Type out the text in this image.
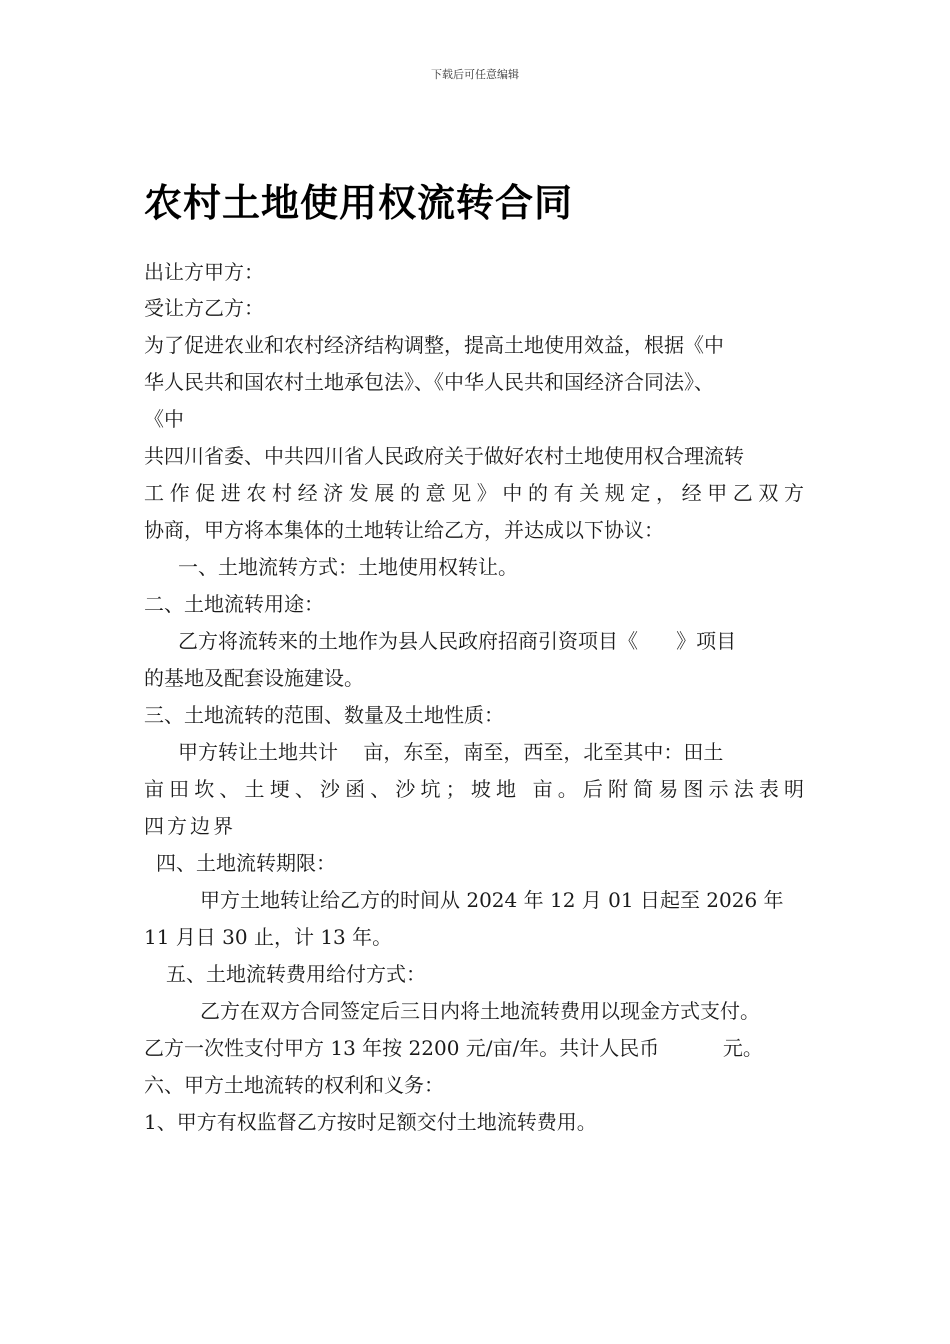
下载后可任意编辑
农村土地使用权流转合同
出让方甲方：
受让方乙方：
为了促进农业和农村经济结构调整，提高土地使用效益，根据《中
华人民共和国农村土地承包法》、《中华人民共和国经济合同法》、
《中
共四川省委、中共四川省人民政府关于做好农村土地使用权合理流转
工作促进农村经济发展的意见》中的有关规定，经甲乙双方
协商，甲方将本集体的土地转让给乙方，并达成以下协议：
一、土地流转方式：土地使用权转让。
二、土地流转用途：
乙方将流转来的土地作为县人民政府招商引资项目《      》项目
的基地及配套设施建设。
三、土地流转的范围、数量及土地性质：
甲方转让土地共计    亩，东至，南至，西至，北至其中：田土
亩田坎、土埂、沙函、沙坑；坡地 亩。后附简易图示法表明
四方边界
四、土地流转期限：
甲方土地转让给乙方的时间从 2024 年 12 月 01 日起至 2026 年
11 月日 30 止，计 13 年。
五、土地流转费用给付方式：
乙方在双方合同签定后三日内将土地流转费用以现金方式支付。
乙方一次性支付甲方 13 年按 2200 元/亩/年。共计人民币          元。
六、甲方土地流转的权利和义务：
1、甲方有权监督乙方按时足额交付土地流转费用。
